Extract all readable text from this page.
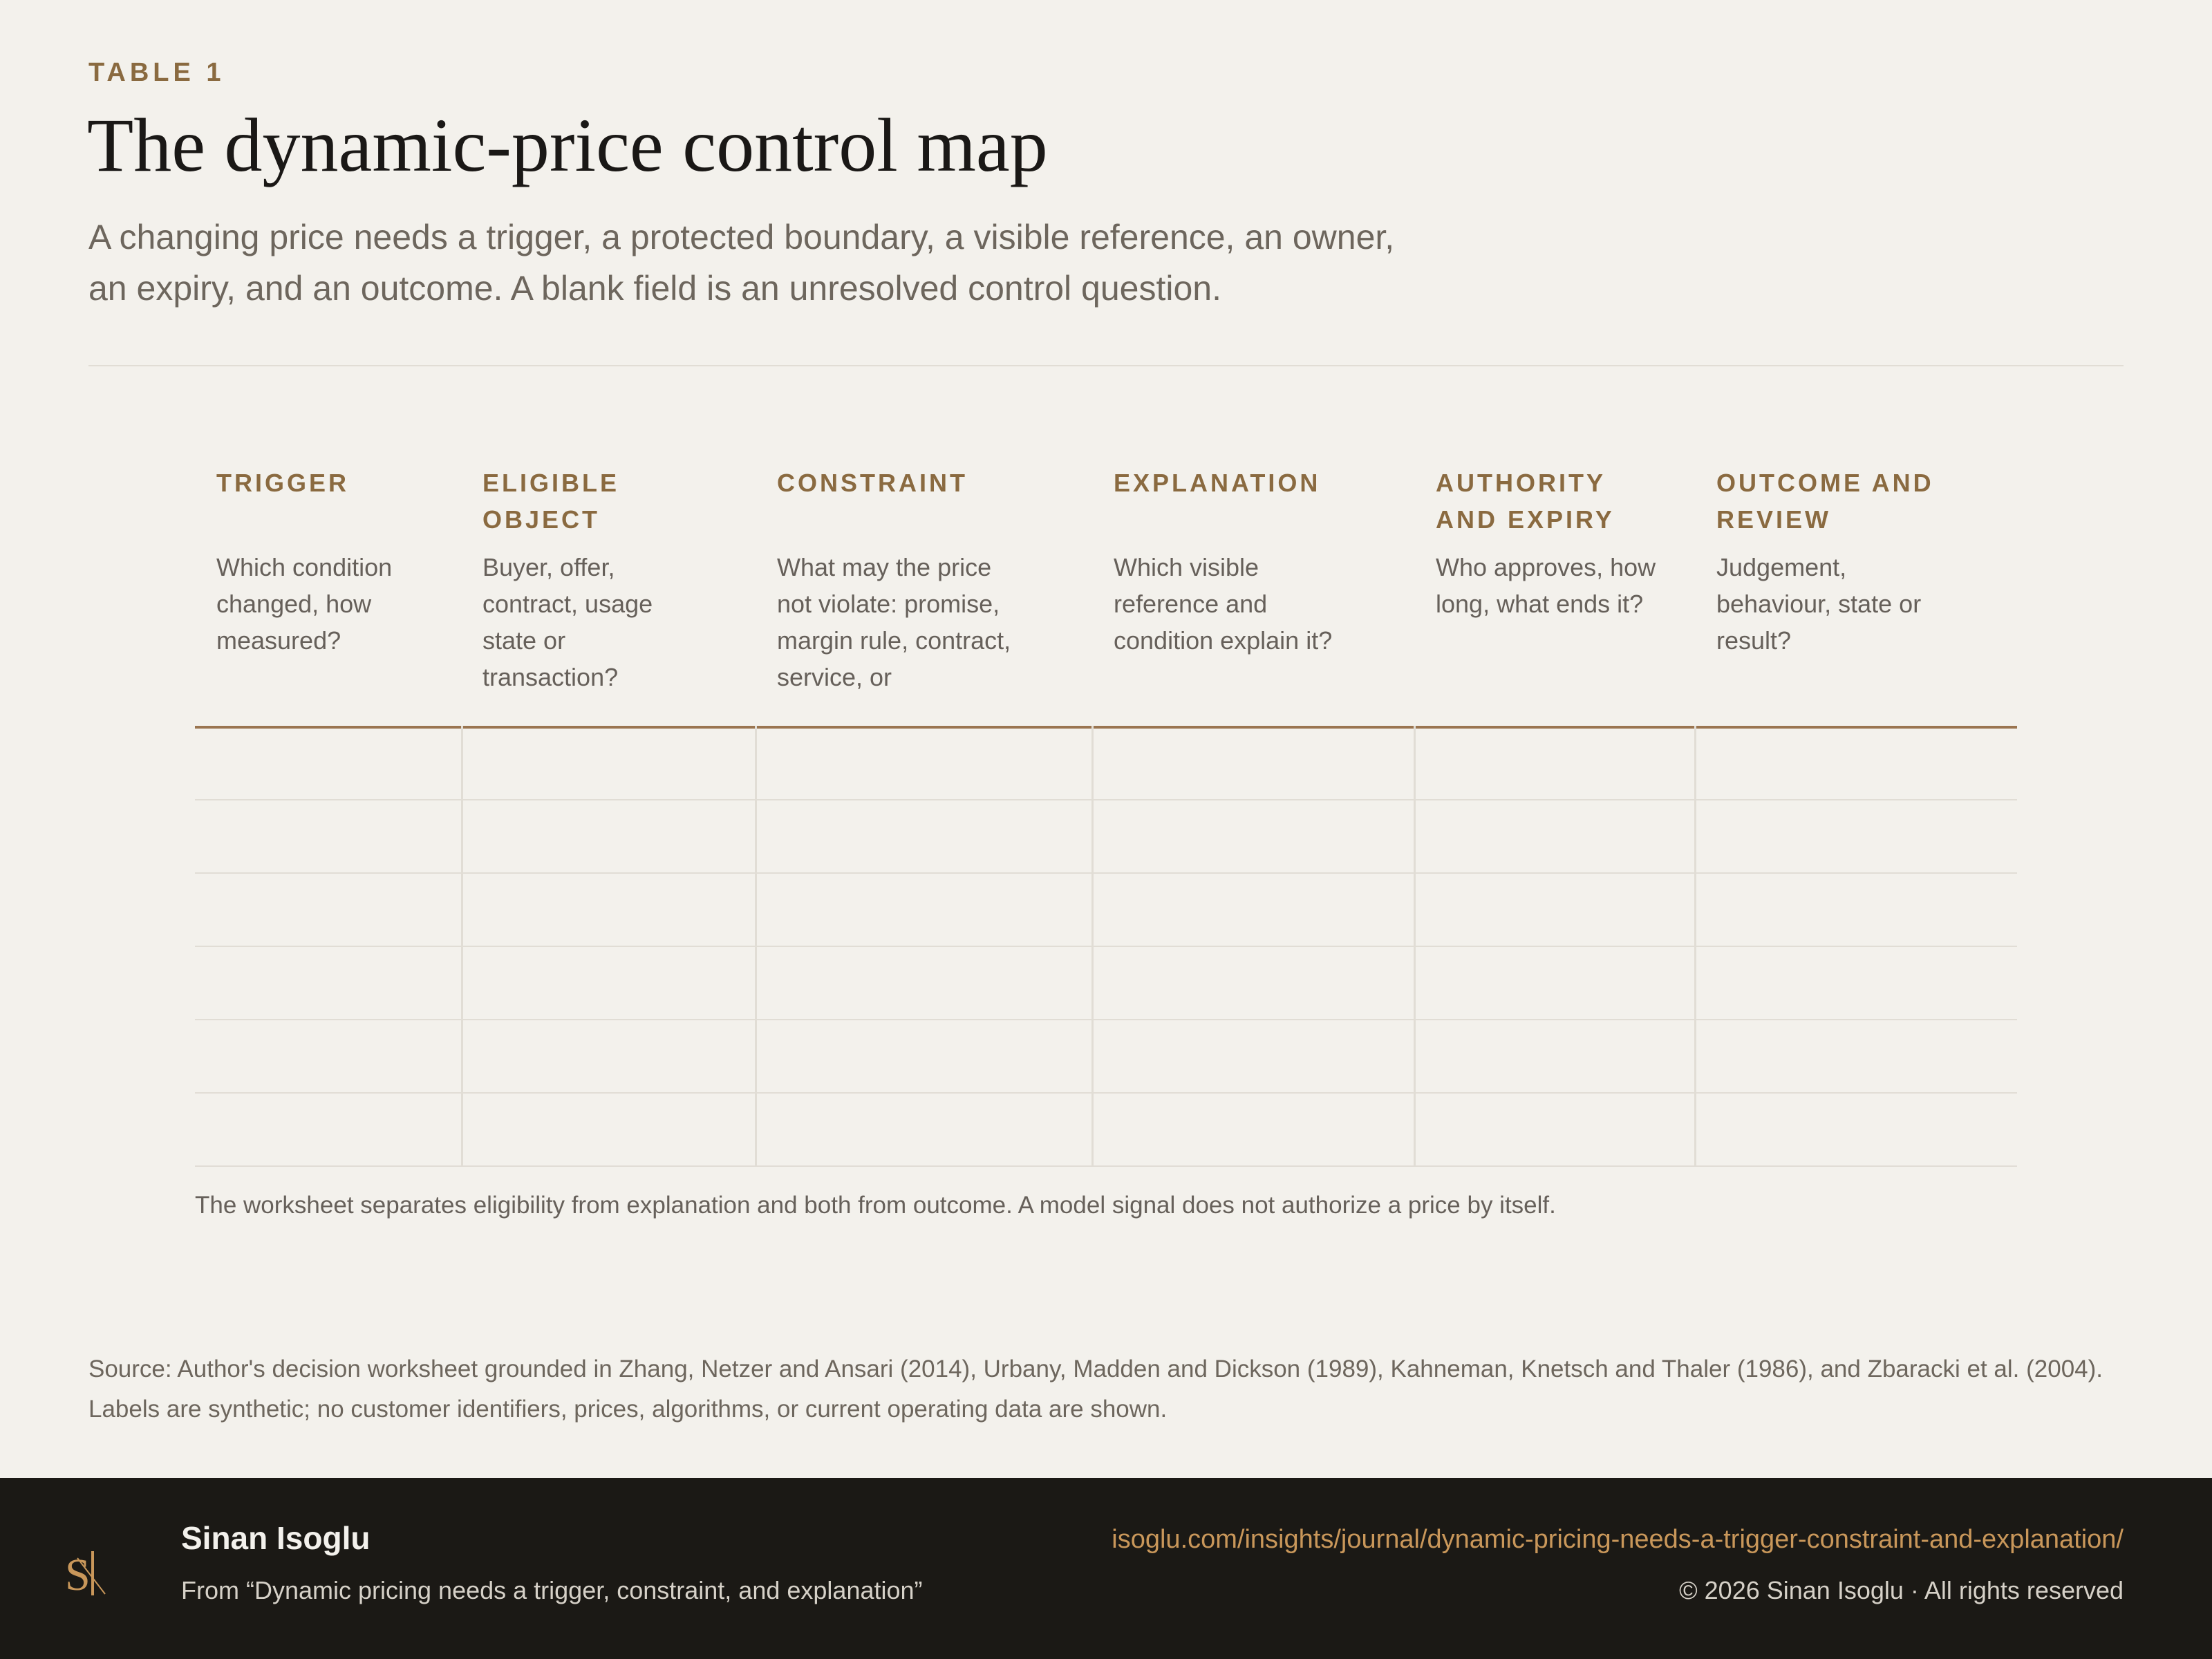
TABLE 1
The dynamic-price control map
A changing price needs a trigger, a protected boundary, a visible reference, an owner, an expiry, and an outcome. A blank field is an unresolved control question.
TRIGGER
Which condition changed, how measured?
ELIGIBLE OBJECT
Buyer, offer, contract, usage state or transaction?
CONSTRAINT
What may the price not violate: promise, margin rule, contract, service, or
EXPLANATION
Which visible reference and condition explain it?
AUTHORITY AND EXPIRY
Who approves, how long, what ends it?
OUTCOME AND REVIEW
Judgement, behaviour, state or result?
The worksheet separates eligibility from explanation and both from outcome. A model signal does not authorize a price by itself.
Source: Author's decision worksheet grounded in Zhang, Netzer and Ansari (2014), Urbany, Madden and Dickson (1989), Kahneman, Knetsch and Thaler (1986), and Zbaracki et al. (2004). Labels are synthetic; no customer identifiers, prices, algorithms, or current operating data are shown.
S
Sinan Isoglu
From “Dynamic pricing needs a trigger, constraint, and explanation”
isoglu.com/insights/journal/dynamic-pricing-needs-a-trigger-constraint-and-explanation/
© 2026 Sinan Isoglu · All rights reserved
